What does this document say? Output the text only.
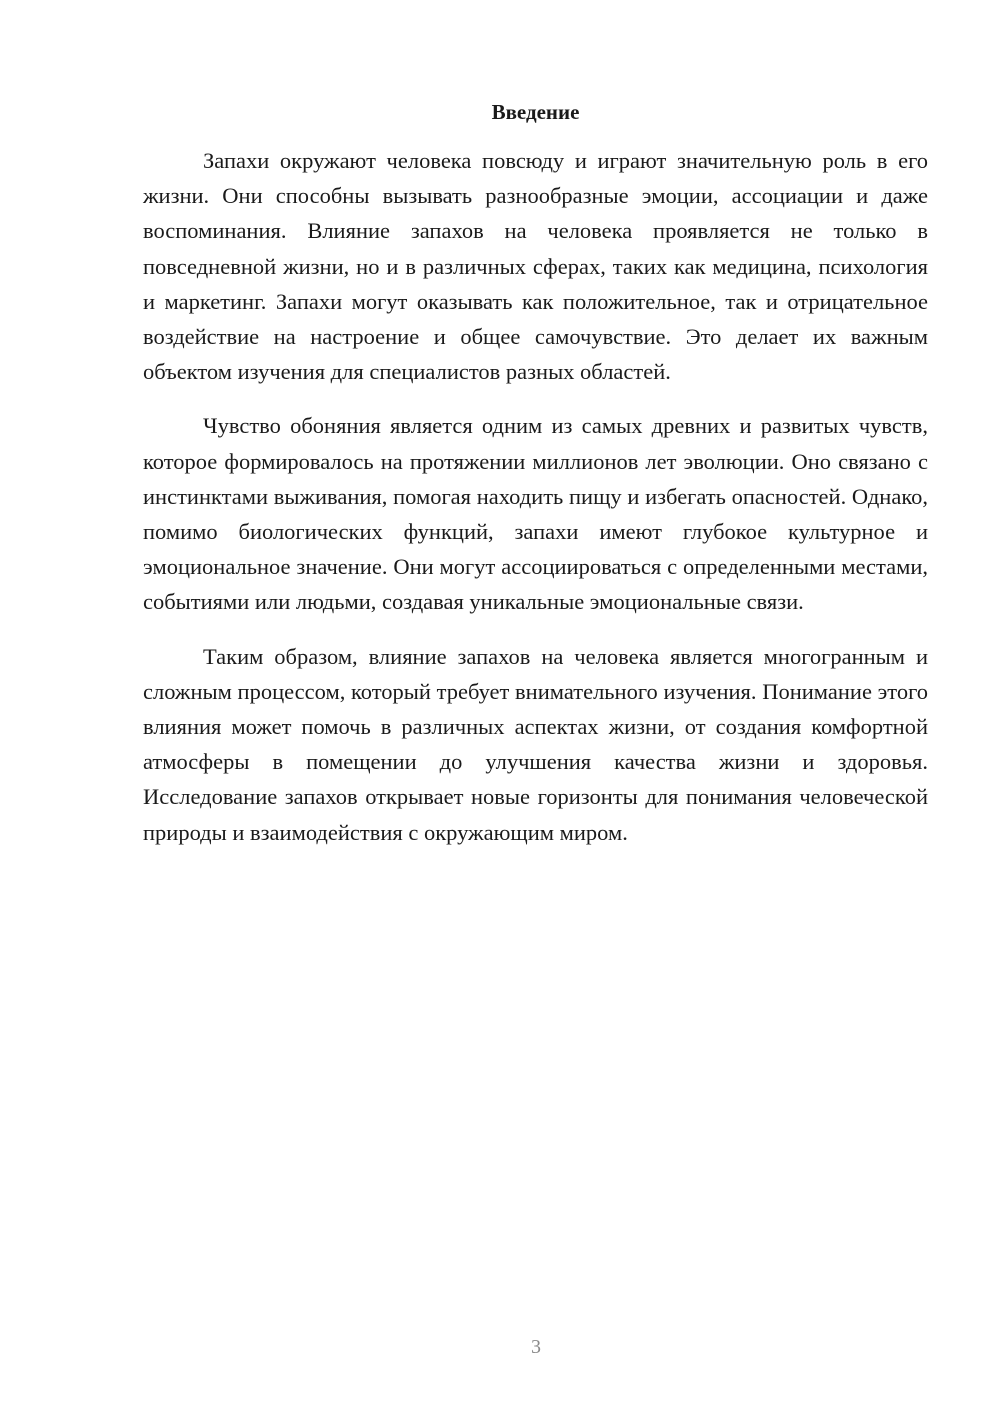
Введение

Запахи окружают человека повсюду и играют значительную роль в его жизни. Они способны вызывать разнообразные эмоции, ассоциации и даже воспоминания. Влияние запахов на человека проявляется не только в повседневной жизни, но и в различных сферах, таких как медицина, психология и маркетинг. Запахи могут оказывать как положительное, так и отрицательное воздействие на настроение и общее самочувствие. Это делает их важным объектом изучения для специалистов разных областей.

Чувство обоняния является одним из самых древних и развитых чувств, которое формировалось на протяжении миллионов лет эволюции. Оно связано с инстинктами выживания, помогая находить пищу и избегать опасностей. Однако, помимо биологических функций, запахи имеют глубокое культурное и эмоциональное значение. Они могут ассоциироваться с определенными местами, событиями или людьми, создавая уникальные эмоциональные связи.

Таким образом, влияние запахов на человека является многогранным и сложным процессом, который требует внимательного изучения. Понимание этого влияния может помочь в различных аспектах жизни, от создания комфортной атмосферы в помещении до улучшения качества жизни и здоровья. Исследование запахов открывает новые горизонты для понимания человеческой природы и взаимодействия с окружающим миром.

3
